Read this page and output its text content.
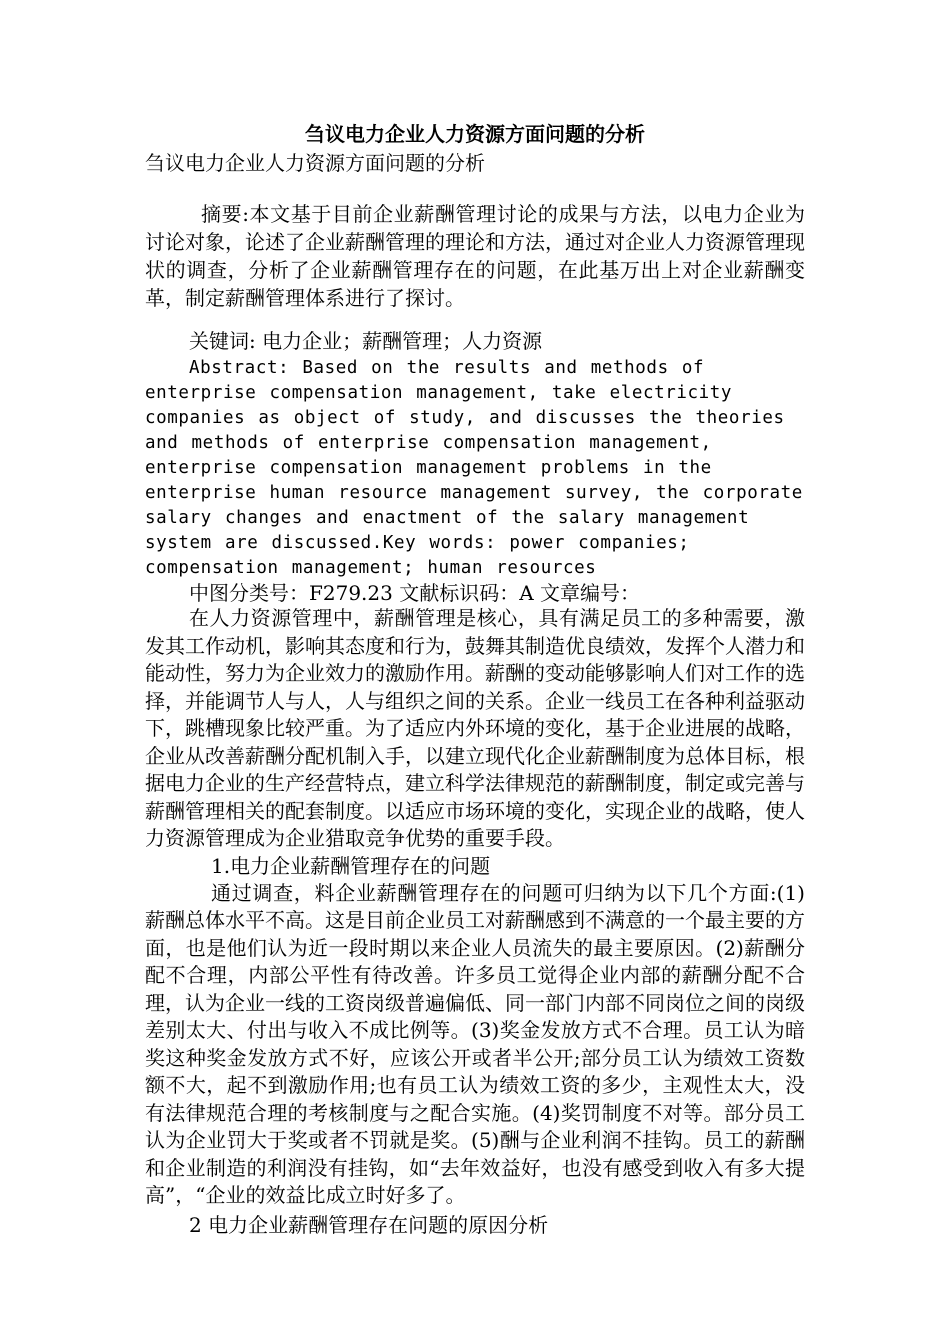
刍议电力企业人力资源方面问题的分析

刍议电力企业人力资源方面问题的分析

摘要:本文基于目前企业薪酬管理讨论的成果与方法，以电力企业为讨论对象，论述了企业薪酬管理的理论和方法，通过对企业人力资源管理现状的调查，分析了企业薪酬管理存在的问题，在此基万出上对企业薪酬变革，制定薪酬管理体系进行了探讨。

关键词: 电力企业；薪酬管理；人力资源

Abstract: Based on the results and methods of enterprise compensation management, take electricity companies as object of study, and discusses the theories and methods of enterprise compensation management, enterprise compensation management problems in the enterprise human resource management survey, the corporate salary changes and enactment of the salary management system are discussed.Key words: power companies; compensation management; human resources

中图分类号：F279.23 文献标识码：A 文章编号：

在人力资源管理中，薪酬管理是核心，具有满足员工的多种需要，激发其工作动机，影响其态度和行为，鼓舞其制造优良绩效，发挥个人潜力和能动性，努力为企业效力的激励作用。薪酬的变动能够影响人们对工作的选择，并能调节人与人，人与组织之间的关系。企业一线员工在各种利益驱动下，跳槽现象比较严重。为了适应内外环境的变化，基于企业进展的战略，企业从改善薪酬分配机制入手，以建立现代化企业薪酬制度为总体目标，根据电力企业的生产经营特点，建立科学法律规范的薪酬制度，制定或完善与薪酬管理相关的配套制度。以适应市场环境的变化，实现企业的战略，使人力资源管理成为企业猎取竞争优势的重要手段。

1.电力企业薪酬管理存在的问题

通过调查，料企业薪酬管理存在的问题可归纳为以下几个方面:(1)薪酬总体水平不高。这是目前企业员工对薪酬感到不满意的一个最主要的方面，也是他们认为近一段时期以来企业人员流失的最主要原因。(2)薪酬分配不合理，内部公平性有待改善。许多员工觉得企业内部的薪酬分配不合理，认为企业一线的工资岗级普遍偏低、同一部门内部不同岗位之间的岗级差别太大、付出与收入不成比例等。(3)奖金发放方式不合理。员工认为暗奖这种奖金发放方式不好，应该公开或者半公开;部分员工认为绩效工资数额不大，起不到激励作用;也有员工认为绩效工资的多少，主观性太大，没有法律规范合理的考核制度与之配合实施。(4)奖罚制度不对等。部分员工认为企业罚大于奖或者不罚就是奖。(5)酬与企业利润不挂钩。员工的薪酬和企业制造的利润没有挂钩，如“去年效益好，也没有感受到收入有多大提高”，“企业的效益比成立时好多了。

2 电力企业薪酬管理存在问题的原因分析
